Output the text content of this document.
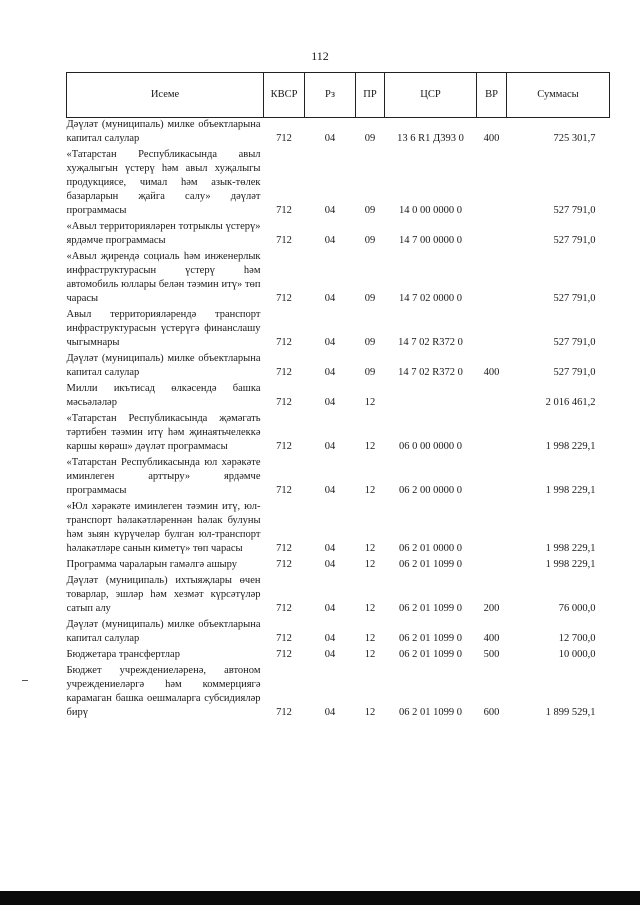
112
Исеме	КВСР	Рз	ПР	ЦСР	ВР	Суммасы
Дәүләт (муниципаль) милке объектларына капитал салулар	712	04	09	13 6 R1 Д393 0	400	725 301,7
«Татарстан Республикасында авыл хуҗалыгын үстерү һәм авыл хуҗалыгы продукциясе, чимал һәм азык-төлек базарларын җайга салу» дәүләт программасы	712	04	09	14 0 00 0000 0		527 791,0
«Авыл территорияләрен тотрыклы үстерү» ярдәмче программасы	712	04	09	14 7 00 0000 0		527 791,0
«Авыл җирендә социаль һәм инженерлык инфраструктурасын үстерү һәм автомобиль юллары белән тәэмин итү» төп чарасы	712	04	09	14 7 02 0000 0		527 791,0
Авыл территорияләрендә транспорт инфраструктурасын үстерүгә финанслашу чыгымнары	712	04	09	14 7 02 R372 0		527 791,0
Дәүләт (муниципаль) милке объектларына капитал салулар	712	04	09	14 7 02 R372 0	400	527 791,0
Милли икътисад өлкәсендә башка мәсьәләләр	712	04	12			2 016 461,2
«Татарстан Республикасында җәмәгать тәртибен тәэмин итү һәм җинаятьчелеккә каршы көрәш» дәүләт программасы	712	04	12	06 0 00 0000 0		1 998 229,1
«Татарстан Республикасында юл хәрәкәте иминлеген арттыру» ярдәмче программасы	712	04	12	06 2 00 0000 0		1 998 229,1
«Юл хәрәкәте иминлеген тәэмин итү, юл-транспорт һәлакәтләреннән һәлак булуны һәм зыян күрүчеләр булган юл-транспорт һәлакәтләре санын киметү» төп чарасы	712	04	12	06 2 01 0000 0		1 998 229,1
Программа чараларын гамәлгә ашыру	712	04	12	06 2 01 1099 0		1 998 229,1
Дәүләт (муниципаль) ихтыяҗлары өчен товарлар, эшләр һәм хезмәт күрсәтүләр сатып алу	712	04	12	06 2 01 1099 0	200	76 000,0
Дәүләт (муниципаль) милке объектларына капитал салулар	712	04	12	06 2 01 1099 0	400	12 700,0
Бюджетара трансфертлар	712	04	12	06 2 01 1099 0	500	10 000,0
Бюджет учреждениеләренә, автоном учреждениеләргә һәм коммерциягә карамаган башка оешмаларга субсидияләр бирү	712	04	12	06 2 01 1099 0	600	1 899 529,1
